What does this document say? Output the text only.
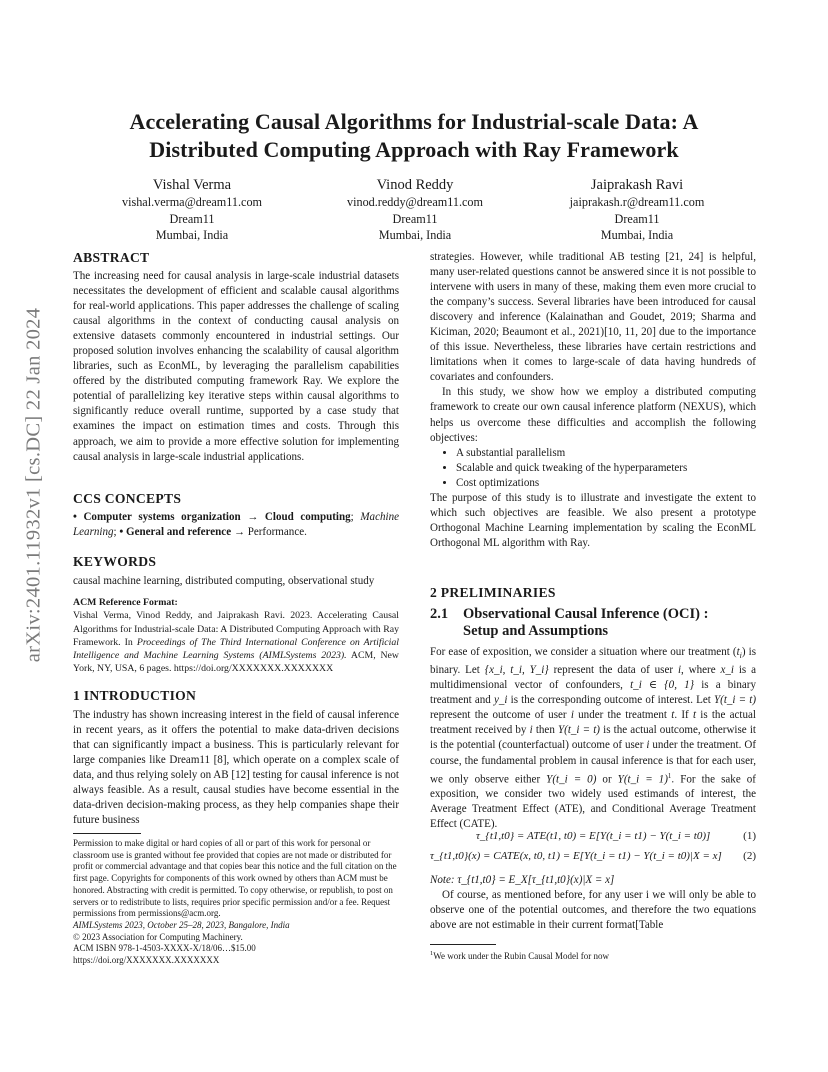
arXiv:2401.11932v1 [cs.DC] 22 Jan 2024
Accelerating Causal Algorithms for Industrial-scale Data: A
Distributed Computing Approach with Ray Framework
Vishal Verma
vishal.verma@dream11.com
Dream11
Mumbai, India
Vinod Reddy
vinod.reddy@dream11.com
Dream11
Mumbai, India
Jaiprakash Ravi
jaiprakash.r@dream11.com
Dream11
Mumbai, India
ABSTRACT

The increasing need for causal analysis in large-scale industrial datasets necessitates the development of efficient and scalable causal algorithms for real-world applications. This paper addresses the challenge of scaling causal algorithms in the context of conducting causal analysis on extensive datasets commonly encountered in industrial settings. Our proposed solution involves enhancing the scalability of causal algorithm libraries, such as EconML, by leveraging the parallelism capabilities offered by the distributed computing framework Ray. We explore the potential of parallelizing key iterative steps within causal algorithms to significantly reduce overall runtime, supported by a case study that examines the impact on estimation times and costs. Through this approach, we aim to provide a more effective solution for implementing causal analysis in large-scale industrial applications.

CCS CONCEPTS

• Computer systems organization → Cloud computing; Machine Learning; • General and reference → Performance.

KEYWORDS
causal machine learning, distributed computing, observational study
ACM Reference Format:
Vishal Verma, Vinod Reddy, and Jaiprakash Ravi. 2023. Accelerating Causal Algorithms for Industrial-scale Data: A Distributed Computing Approach with Ray Framework. In Proceedings of The Third International Conference on Artificial Intelligence and Machine Learning Systems (AIMLSystems 2023). ACM, New York, NY, USA, 6 pages. https://doi.org/XXXXXXX.XXXXXXX
1 INTRODUCTION

The industry has shown increasing interest in the field of causal inference in recent years, as it offers the potential to make data-driven decisions that can significantly impact a business. This is particularly relevant for large companies like Dream11 [8], which operate on a complex scale of data, and thus relying solely on AB [12] testing for causal inference is not always feasible. As a result, causal studies have become essential in the data-driven decision-making process, as they help companies shape their future business

Permission to make digital or hard copies of all or part of this work for personal or classroom use is granted without fee provided that copies are not made or distributed for profit or commercial advantage and that copies bear this notice and the full citation on the first page. Copyrights for components of this work owned by others than ACM must be honored. Abstracting with credit is permitted. To copy otherwise, or republish, to post on servers or to redistribute to lists, requires prior specific permission and/or a fee. Request permissions from permissions@acm.org.
AIMLSystems 2023, October 25–28, 2023, Bangalore, India
© 2023 Association for Computing Machinery.
ACM ISBN 978-1-4503-XXXX-X/18/06…$15.00
https://doi.org/XXXXXXX.XXXXXXX

strategies. However, while traditional AB testing [21, 24] is helpful, many user-related questions cannot be answered since it is not possible to intervene with users in many of these, making them even more crucial to the company’s success. Several libraries have been introduced for causal discovery and inference (Kalainathan and Goudet, 2019; Sharma and Kiciman, 2020; Beaumont et al., 2021)[10, 11, 20] due to the importance of this issue. Nevertheless, these libraries have certain restrictions and limitations when it comes to large-scale of data having hundreds of covariates and confounders.

In this study, we show how we employ a distributed computing framework to create our own causal inference platform (NEXUS), which helps us overcome these difficulties and accomplish the following objectives:

• A substantial parallelism
• Scalable and quick tweaking of the hyperparameters
• Cost optimizations

The purpose of this study is to illustrate and investigate the extent to which such objectives are feasible. We also present a prototype Orthogonal Machine Learning implementation by scaling the EconML Orthogonal ML algorithm with Ray.

2 PRELIMINARIES
2.1	Observational Causal Inference (OCI) :
Setup and Assumptions

For ease of exposition, we consider a situation where our treatment $(t_i)$ is binary. Let {x_i, t_i, Y_i} represent the data of user i, where x_i is a multidimensional vector of confounders, t_i ∈ {0, 1} is a binary treatment and y_i is the corresponding outcome of interest. Let Y(t_i = t) represent the outcome of user i under the treatment t. If t is the actual treatment received by i then Y(t_i = t) is the actual outcome, otherwise it is the potential (counterfactual) outcome of user i under the treatment. Of course, the fundamental problem in causal inference is that for each user, we only observe either Y(t_i = 0) or Y(t_i = 1)$^1$. For the sake of exposition, we consider two widely used estimands of interest, the Average Treatment Effect (ATE), and Conditional Average Treatment Effect (CATE).

τ_{t1,t0} = ATE(t1, t0) = E[Y(t_i = t1) − Y(t_i = t0)]	(1)
τ_{t1,t0}(x) = CATE(x, t0, t1) = E[Y(t_i = t1) − Y(t_i = t0)|X = x] (2)
Note: τ_{t1,t0} = E_X[τ_{t1,t0}(x)|X = x]

Of course, as mentioned before, for any user i we will only be able to observe one of the potential outcomes, and therefore the two equations above are not estimable in their current format[Table

$^1$We work under the Rubin Causal Model for now
